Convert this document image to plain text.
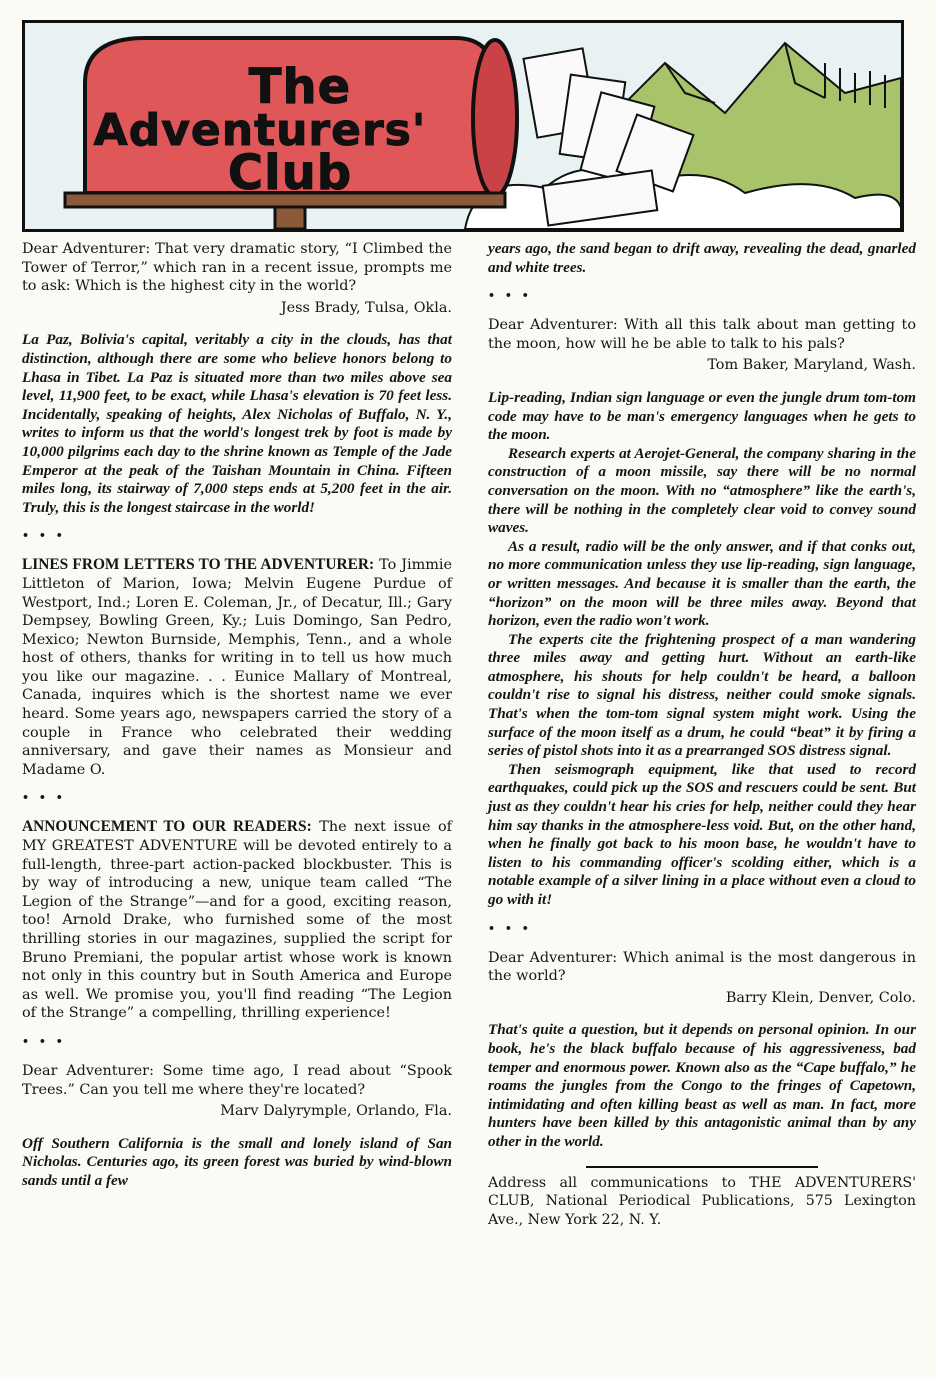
The
Adventurers'
Club

Dear Adventurer: That very dramatic story, “I Climbed the Tower of Terror,” which ran in a recent issue, prompts me to ask: Which is the highest city in the world?

Jess Brady, Tulsa, Okla.

La Paz, Bolivia's capital, veritably a city in the clouds, has that distinction, although there are some who believe honors belong to Lhasa in Tibet. La Paz is situated more than two miles above sea level, 11,900 feet, to be exact, while Lhasa's elevation is 70 feet less. Incidentally, speaking of heights, Alex Nicholas of Buffalo, N. Y., writes to inform us that the world's longest trek by foot is made by 10,000 pilgrims each day to the shrine known as Temple of the Jade Emperor at the peak of the Taishan Mountain in China. Fifteen miles long, its stairway of 7,000 steps ends at 5,200 feet in the air. Truly, this is the longest staircase in the world!

• • •

LINES FROM LETTERS TO THE ADVENTURER: To Jimmie Littleton of Marion, Iowa; Melvin Eugene Purdue of Westport, Ind.; Loren E. Coleman, Jr., of Decatur, Ill.; Gary Dempsey, Bowling Green, Ky.; Luis Domingo, San Pedro, Mexico; Newton Burnside, Memphis, Tenn., and a whole host of others, thanks for writing in to tell us how much you like our magazine. . . Eunice Mallary of Montreal, Canada, inquires which is the shortest name we ever heard. Some years ago, newspapers carried the story of a couple in France who celebrated their wedding anniversary, and gave their names as Monsieur and Madame O.

• • •

ANNOUNCEMENT TO OUR READERS: The next issue of MY GREATEST ADVENTURE will be devoted entirely to a full-length, three-part action-packed blockbuster. This is by way of introducing a new, unique team called “The Legion of the Strange”—and for a good, exciting reason, too! Arnold Drake, who furnished some of the most thrilling stories in our magazines, supplied the script for Bruno Premiani, the popular artist whose work is known not only in this country but in South America and Europe as well. We promise you, you'll find reading “The Legion of the Strange” a compelling, thrilling experience!

• • •

Dear Adventurer: Some time ago, I read about “Spook Trees.” Can you tell me where they're located?

Marv Dalyrymple, Orlando, Fla.

Off Southern California is the small and lonely island of San Nicholas. Centuries ago, its green forest was buried by wind-blown sands until a few

years ago, the sand began to drift away, revealing the dead, gnarled and white trees.

• • •

Dear Adventurer: With all this talk about man getting to the moon, how will he be able to talk to his pals?

Tom Baker, Maryland, Wash.

Lip-reading, Indian sign language or even the jungle drum tom-tom code may have to be man's emergency languages when he gets to the moon.

Research experts at Aerojet-General, the company sharing in the construction of a moon missile, say there will be no normal conversation on the moon. With no “atmosphere” like the earth's, there will be nothing in the completely clear void to convey sound waves.

As a result, radio will be the only answer, and if that conks out, no more communication unless they use lip-reading, sign language, or written messages. And because it is smaller than the earth, the “horizon” on the moon will be three miles away. Beyond that horizon, even the radio won't work.

The experts cite the frightening prospect of a man wandering three miles away and getting hurt. Without an earth-like atmosphere, his shouts for help couldn't be heard, a balloon couldn't rise to signal his distress, neither could smoke signals. That's when the tom-tom signal system might work. Using the surface of the moon itself as a drum, he could “beat” it by firing a series of pistol shots into it as a prearranged SOS distress signal.

Then seismograph equipment, like that used to record earthquakes, could pick up the SOS and rescuers could be sent. But just as they couldn't hear his cries for help, neither could they hear him say thanks in the atmosphere-less void. But, on the other hand, when he finally got back to his moon base, he wouldn't have to listen to his commanding officer's scolding either, which is a notable example of a silver lining in a place without even a cloud to go with it!

• • •

Dear Adventurer: Which animal is the most dangerous in the world?

Barry Klein, Denver, Colo.

That's quite a question, but it depends on personal opinion. In our book, he's the black buffalo because of his aggressiveness, bad temper and enormous power. Known also as the “Cape buffalo,” he roams the jungles from the Congo to the fringes of Capetown, intimidating and often killing beast as well as man. In fact, more hunters have been killed by this antagonistic animal than by any other in the world.

Address all communications to THE ADVENTURERS' CLUB, National Periodical Publications, 575 Lexington Ave., New York 22, N. Y.
